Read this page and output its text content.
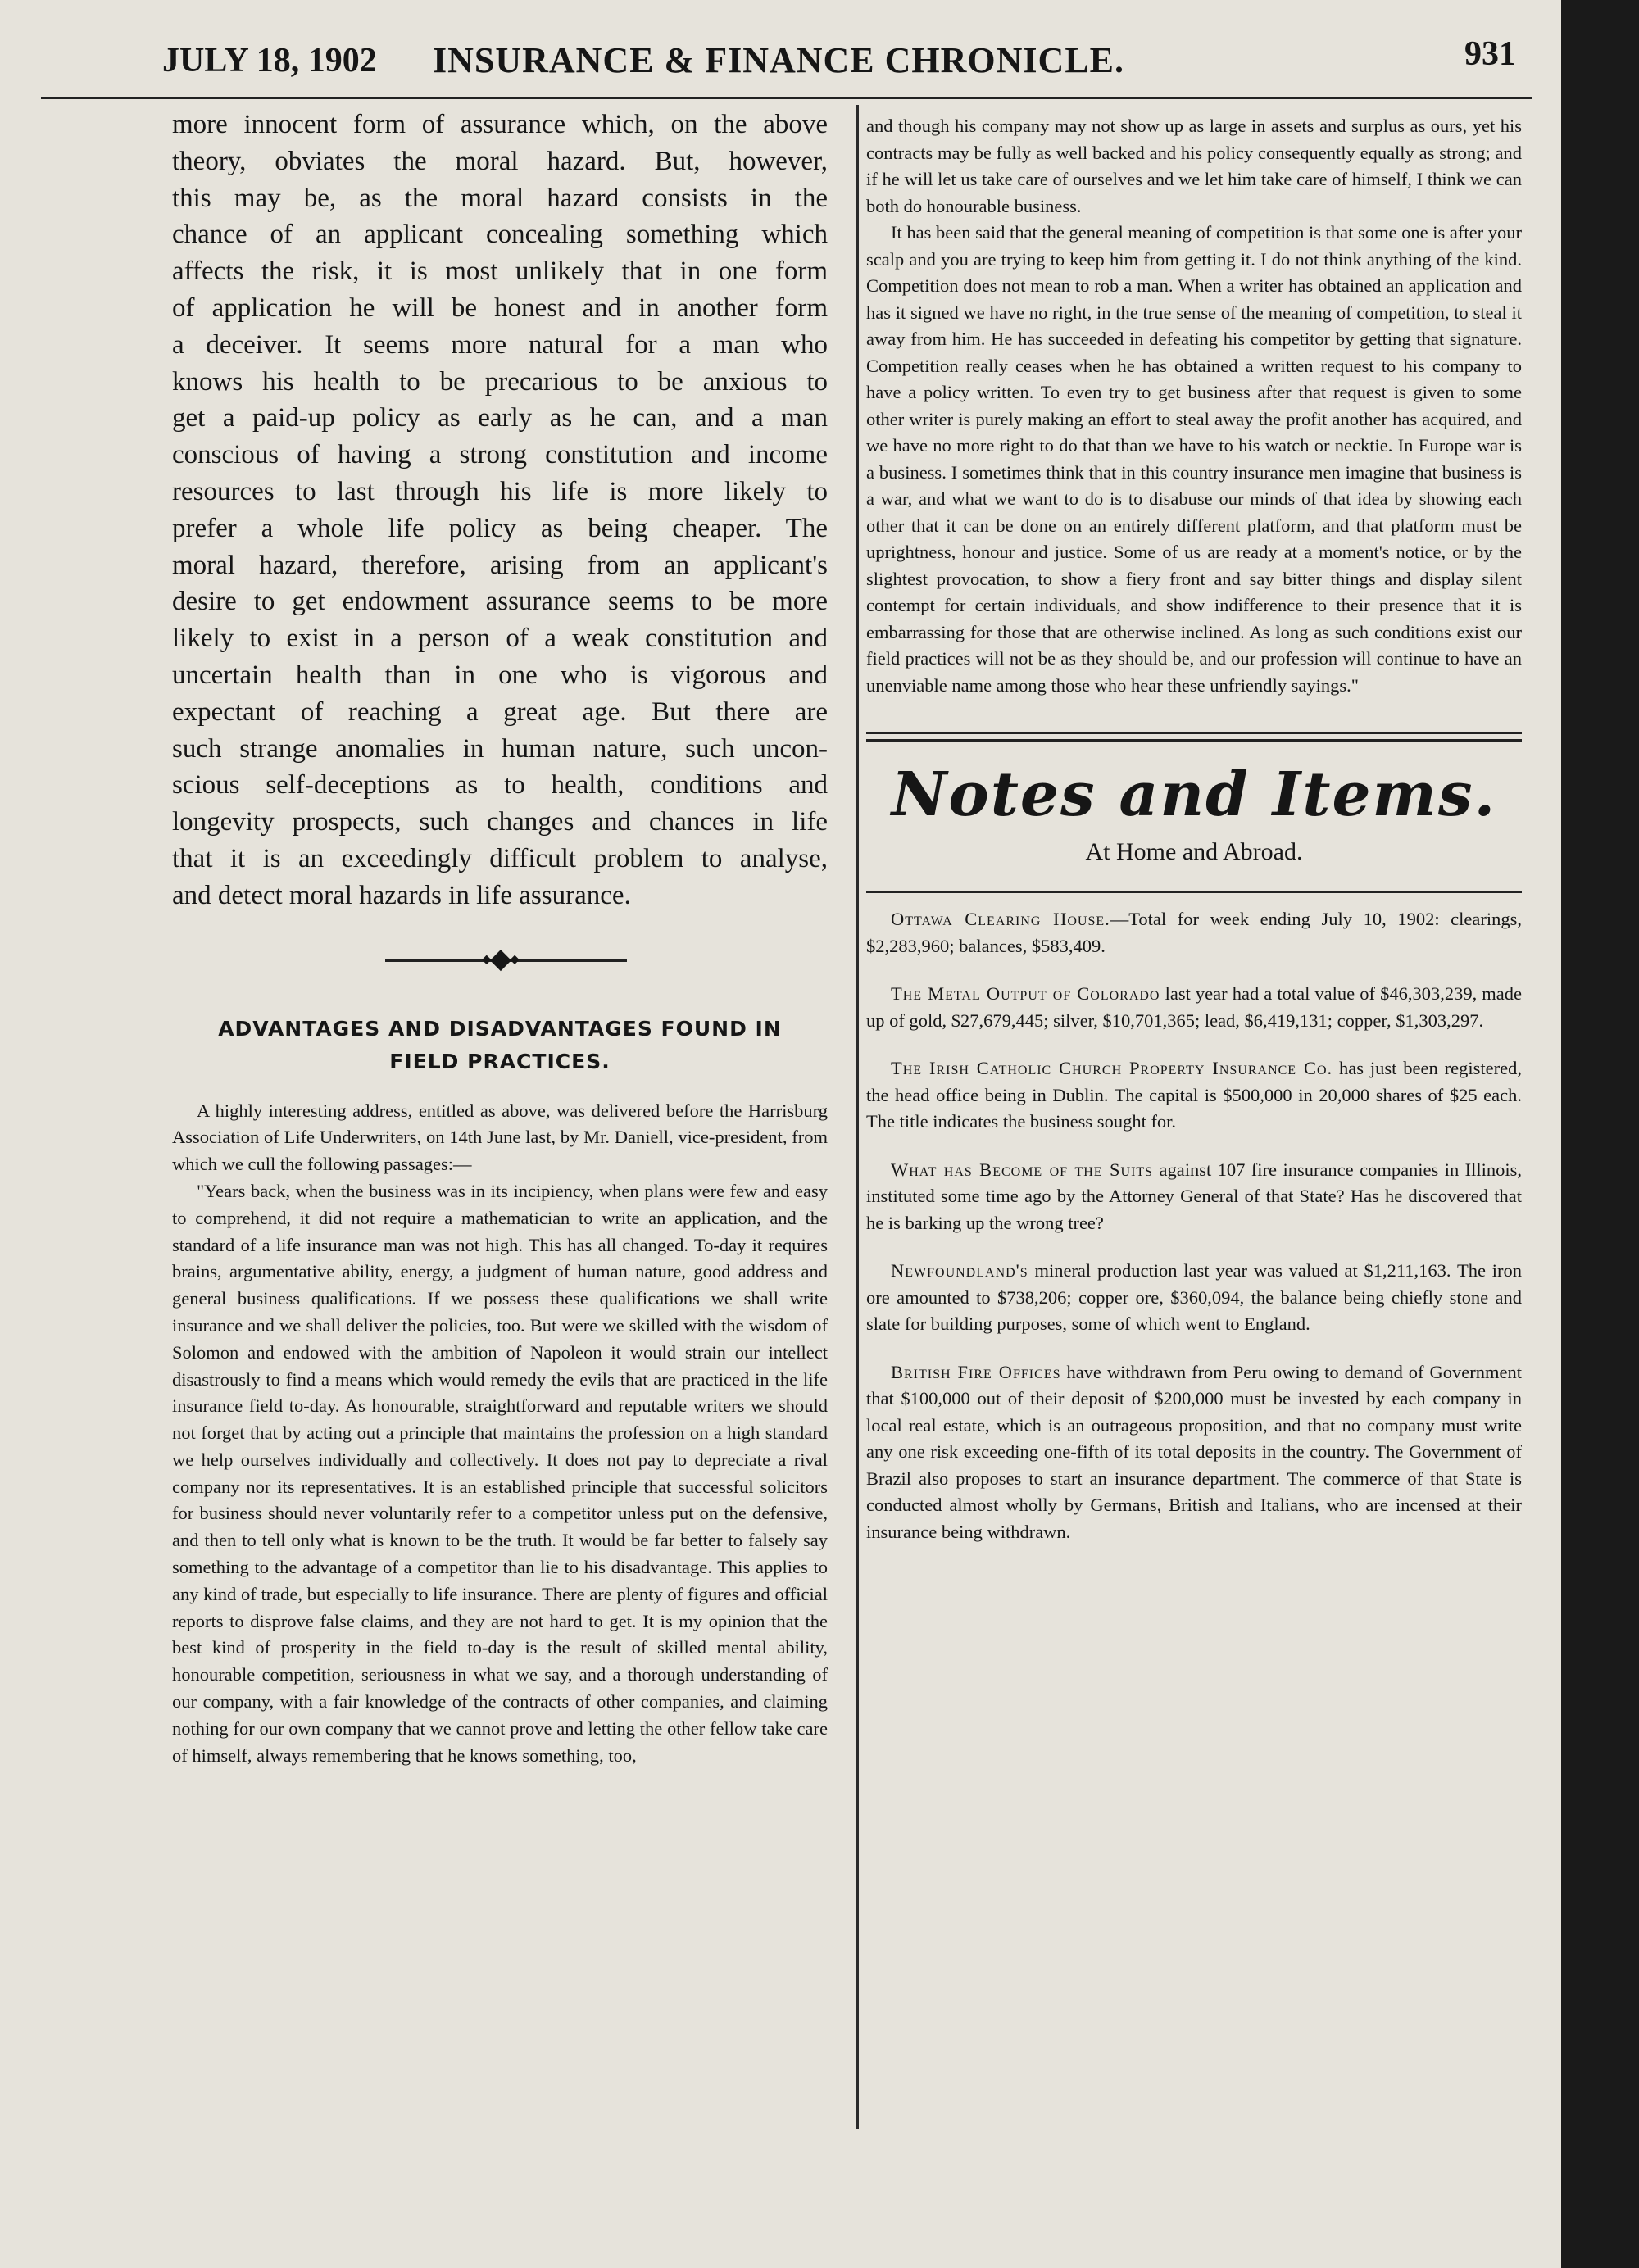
JULY 18, 1902	INSURANCE & FINANCE CHRONICLE.	931

more innocent form of assurance which, on the above

theory, obviates the moral hazard. But, however,

this may be, as the moral hazard consists in the

chance of an applicant concealing something which

affects the risk, it is most unlikely that in one form

of application he will be honest and in another form

a deceiver. It seems more natural for a man who

knows his health to be precarious to be anxious to

get a paid-up policy as early as he can, and a man

conscious of having a strong constitution and income

resources to last through his life is more likely to

prefer a whole life policy as being cheaper. The

moral hazard, therefore, arising from an applicant's

desire to get endowment assurance seems to be more

likely to exist in a person of a weak constitution and

uncertain health than in one who is vigorous and

expectant of reaching a great age. But there are

such strange anomalies in human nature, such uncon-

scious self-deceptions as to health, conditions and

longevity prospects, such changes and chances in life

that it is an exceedingly difficult problem to analyse,

and detect moral hazards in life assurance.

⬩◆⬩
ADVANTAGES AND DISADVANTAGES FOUND IN
FIELD PRACTICES.

A highly interesting address, entitled as above, was delivered before the Harrisburg Association of Life Underwriters, on 14th June last, by Mr. Daniell, vice-president, from which we cull the following passages:—

"Years back, when the business was in its incipiency, when plans were few and easy to comprehend, it did not require a mathematician to write an application, and the standard of a life insurance man was not high. This has all changed. To-day it requires brains, argumentative ability, energy, a judgment of human nature, good address and general business qualifications. If we possess these qualifications we shall write insurance and we shall deliver the policies, too. But were we skilled with the wisdom of Solomon and endowed with the ambition of Napoleon it would strain our intellect disastrously to find a means which would remedy the evils that are practiced in the life insurance field to-day. As honourable, straightforward and reputable writers we should not forget that by acting out a principle that maintains the profession on a high standard we help ourselves individually and collectively. It does not pay to depreciate a rival company nor its representatives. It is an established principle that successful solicitors for business should never voluntarily refer to a competitor unless put on the defensive, and then to tell only what is known to be the truth. It would be far better to falsely say something to the advantage of a competitor than lie to his disadvantage. This applies to any kind of trade, but especially to life insurance. There are plenty of figures and official reports to disprove false claims, and they are not hard to get. It is my opinion that the best kind of prosperity in the field to-day is the result of skilled mental ability, honourable competition, seriousness in what we say, and a thorough understanding of our company, with a fair knowledge of the contracts of other companies, and claiming nothing for our own company that we cannot prove and letting the other fellow take care of himself, always remembering that he knows something, too,

and though his company may not show up as large in assets and surplus as ours, yet his contracts may be fully as well backed and his policy consequently equally as strong; and if he will let us take care of ourselves and we let him take care of himself, I think we can both do honourable business.

It has been said that the general meaning of competition is that some one is after your scalp and you are trying to keep him from getting it. I do not think anything of the kind. Competition does not mean to rob a man. When a writer has obtained an application and has it signed we have no right, in the true sense of the meaning of competition, to steal it away from him. He has succeeded in defeating his competitor by getting that signature. Competition really ceases when he has obtained a written request to his company to have a policy written. To even try to get business after that request is given to some other writer is purely making an effort to steal away the profit another has acquired, and we have no more right to do that than we have to his watch or necktie. In Europe war is a business. I sometimes think that in this country insurance men imagine that business is a war, and what we want to do is to disabuse our minds of that idea by showing each other that it can be done on an entirely different platform, and that platform must be uprightness, honour and justice. Some of us are ready at a moment's notice, or by the slightest provocation, to show a fiery front and say bitter things and display silent contempt for certain individuals, and show indifference to their presence that it is embarrassing for those that are otherwise inclined. As long as such conditions exist our field practices will not be as they should be, and our profession will continue to have an unenviable name among those who hear these unfriendly sayings."

Notes and Items.
At Home and Abroad.

Ottawa Clearing House.—Total for week ending July 10, 1902: clearings, $2,283,960; balances, $583,409.

The Metal Output of Colorado last year had a total value of $46,303,239, made up of gold, $27,679,445; silver, $10,701,365; lead, $6,419,131; copper, $1,303,297.

The Irish Catholic Church Property Insurance Co. has just been registered, the head office being in Dublin. The capital is $500,000 in 20,000 shares of $25 each. The title indicates the business sought for.

What has Become of the Suits against 107 fire insurance companies in Illinois, instituted some time ago by the Attorney General of that State? Has he discovered that he is barking up the wrong tree?

Newfoundland's mineral production last year was valued at $1,211,163. The iron ore amounted to $738,206; copper ore, $360,094, the balance being chiefly stone and slate for building purposes, some of which went to England.

British Fire Offices have withdrawn from Peru owing to demand of Government that $100,000 out of their deposit of $200,000 must be invested by each company in local real estate, which is an outrageous proposition, and that no company must write any one risk exceeding one-fifth of its total deposits in the country. The Government of Brazil also proposes to start an insurance department. The commerce of that State is conducted almost wholly by Germans, British and Italians, who are incensed at their insurance being withdrawn.
